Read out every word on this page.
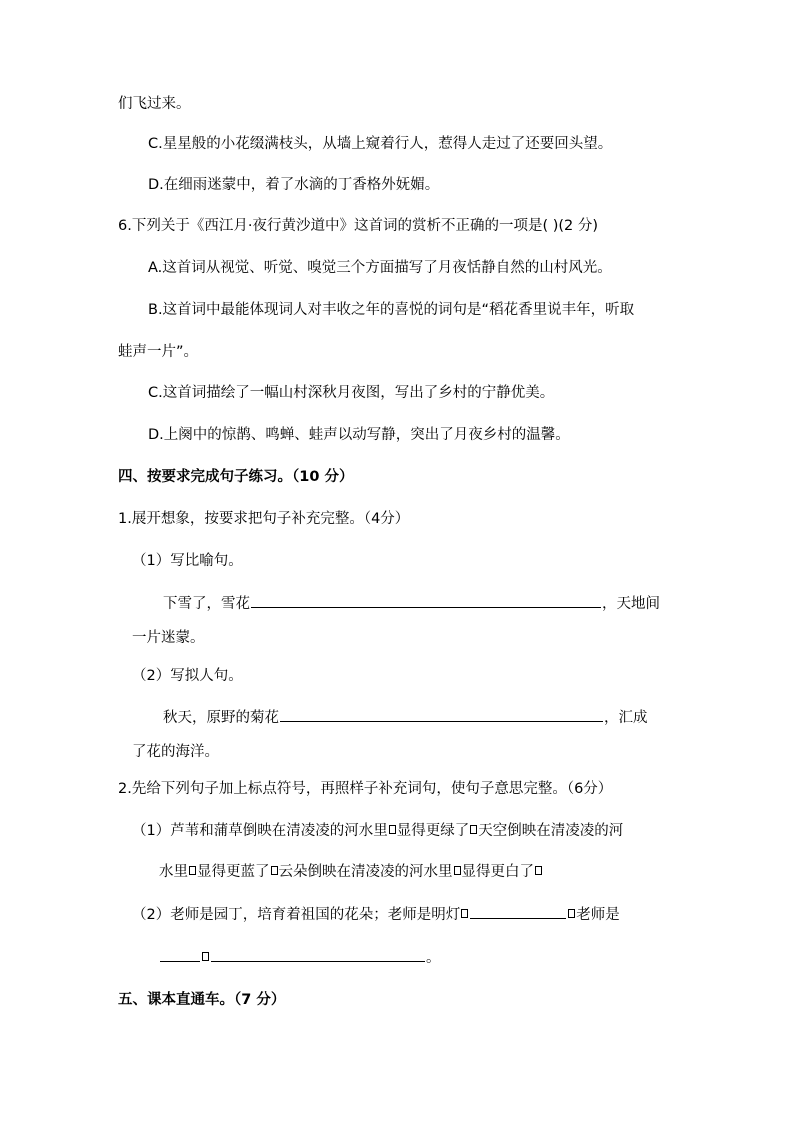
们飞过来。
C.星星般的小花缀满枝头，从墙上窥着行人，惹得人走过了还要回头望。
D.在细雨迷蒙中，着了水滴的丁香格外妩媚。
6.下列关于《西江月·夜行黄沙道中》这首词的赏析不正确的一项是( )(2 分)
A.这首词从视觉、听觉、嗅觉三个方面描写了月夜恬静自然的山村风光。
B.这首词中最能体现词人对丰收之年的喜悦的词句是“稻花香里说丰年，听取
蛙声一片”。
C.这首词描绘了一幅山村深秋月夜图，写出了乡村的宁静优美。
D.上阕中的惊鹊、鸣蝉、蛙声以动写静，突出了月夜乡村的温馨。
四、按要求完成句子练习。（10 分）
1.展开想象，按要求把句子补充完整。（4分）
（1）写比喻句。
下雪了，雪花	，天地间
一片迷蒙。
（2）写拟人句。
秋天，原野的菊花	，汇成
了花的海洋。
2.先给下列句子加上标点符号，再照样子补充词句，使句子意思完整。（6分）
（1）芦苇和蒲草倒映在清凌凌的河水里 显得更绿了 天空倒映在清凌凌的河
水里 显得更蓝了 云朵倒映在清凌凌的河水里 显得更白了
（2）老师是园丁，培育着祖国的花朵；老师是明灯	老师是
。
五、课本直通车。（7 分）
